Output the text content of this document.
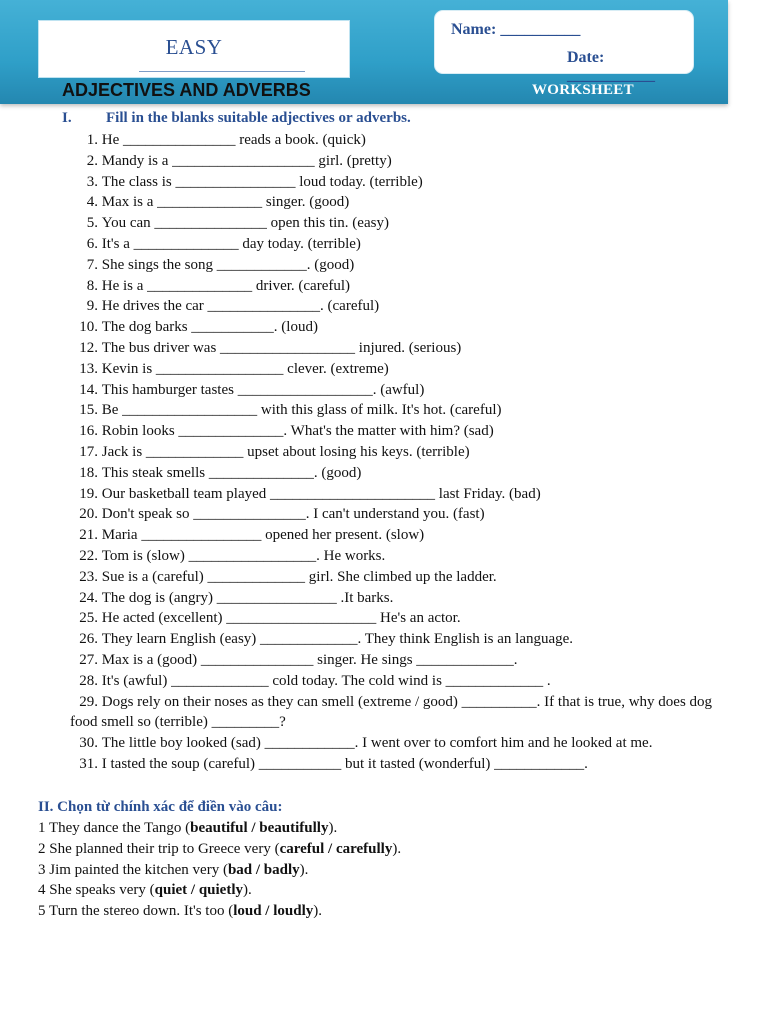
EASY
ADJECTIVES AND ADVERBS
Name: __________
Date: ___________
WORKSHEET
I. Fill in the blanks suitable adjectives or adverbs.
1.
He _______________ reads a book. (quick)
2.
Mandy is a ___________________ girl. (pretty)
3.
The class is ________________ loud today. (terrible)
4.
Max is a ______________ singer. (good)
5.
You can _______________ open this tin. (easy)
6.
It's a ______________ day today. (terrible)
7.
She sings the song ____________. (good)
8.
He is a ______________ driver. (careful)
9.
He drives the car _______________. (careful)
10.
The dog barks ___________. (loud)
12.
The bus driver was __________________ injured. (serious)
13.
Kevin is _________________ clever. (extreme)
14.
This hamburger tastes __________________. (awful)
15.
Be __________________ with this glass of milk. It's hot. (careful)
16.
Robin looks ______________. What's the matter with him? (sad)
17.
Jack is _____________ upset about losing his keys. (terrible)
18.
This steak smells ______________. (good)
19.
Our basketball team played ______________________ last Friday. (bad)
20.
Don't speak so _______________. I can't understand you. (fast)
21.
Maria ________________ opened her present. (slow)
22.
Tom is (slow) _________________. He works.
23.
Sue is a (careful) _____________ girl. She climbed up the ladder.
24.
The dog is (angry) ________________ .It barks.
25.
He acted (excellent) ____________________ He's an actor.
26.
They learn English (easy) _____________. They think English is an language.
27.
Max is a (good) _______________ singer. He sings _____________.
28.
It's (awful) _____________ cold today. The cold wind is _____________ .
29. Dogs rely on their noses as they can smell (extreme / good) __________. If that is true, why does dog food smell so (terrible) _________?
30.
The little boy looked (sad) ____________. I went over to comfort him and he looked at me.
31.
I tasted the soup (careful) ___________ but it tasted (wonderful) ____________.
II. Chọn từ chính xác để điền vào câu:
1 They dance the Tango (beautiful / beautifully).
2 She planned their trip to Greece very (careful / carefully).
3 Jim painted the kitchen very (bad / badly).
4 She speaks very (quiet / quietly).
5 Turn the stereo down. It's too (loud / loudly).
